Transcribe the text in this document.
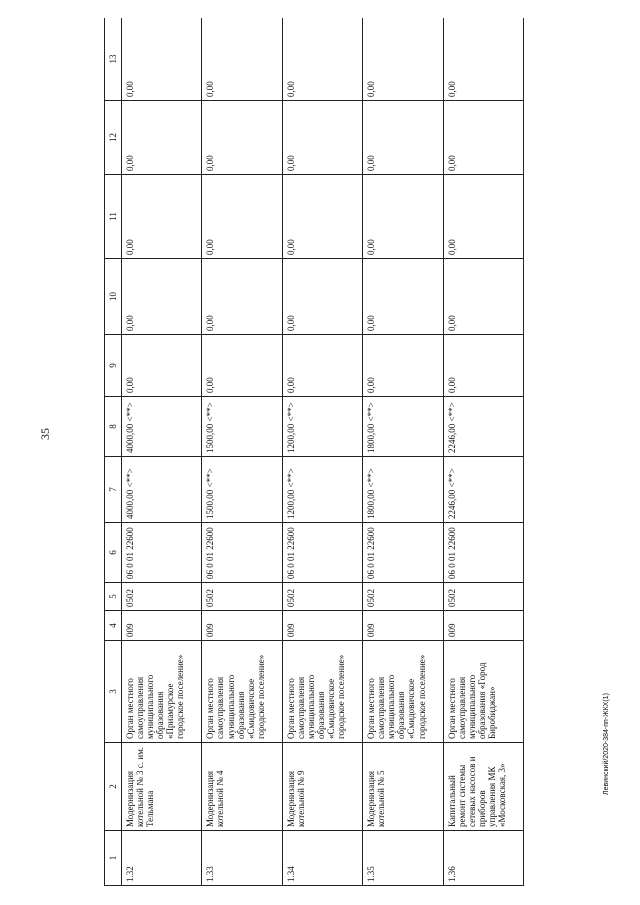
35
Левинский/2020-384-пп-ЖКХ(1)
1	2	3	4	5	6	7	8	9	10	11	12	13
1.32	Модернизация котельной № 3 с. им. Тельмана	Орган местного самоуправления муниципального образования «Приамурское городское поселение»	009	0502	06 0 01 22600	4000,00 <**>	4000,00 <**>	0,00	0,00	0,00	0,00	0,00
1.33	Модернизация котельной № 4	Орган местного самоуправления муниципального образования «Смидовичское городское поселение»	009	0502	06 0 01 22600	1500,00 <**>	1500,00 <**>	0,00	0,00	0,00	0,00	0,00
1.34	Модернизация котельной № 9	Орган местного самоуправления муниципального образования «Смидовичское городское поселение»	009	0502	06 0 01 22600	1200,00 <**>	1200,00 <**>	0,00	0,00	0,00	0,00	0,00
1.35	Модернизация котельной № 5	Орган местного самоуправления муниципального образования «Смидовичское городское поселение»	009	0502	06 0 01 22600	1800,00 <**>	1800,00 <**>	0,00	0,00	0,00	0,00	0,00
1.36	Капитальный ремонт системы сетевых насосов и приборов управления МК «Московская, 3»	Орган местного самоуправления муниципального образования «Город Биробиджан»	009	0502	06 0 01 22600	2246,00 <**>	2246,00 <**>	0,00	0,00	0,00	0,00	0,00
